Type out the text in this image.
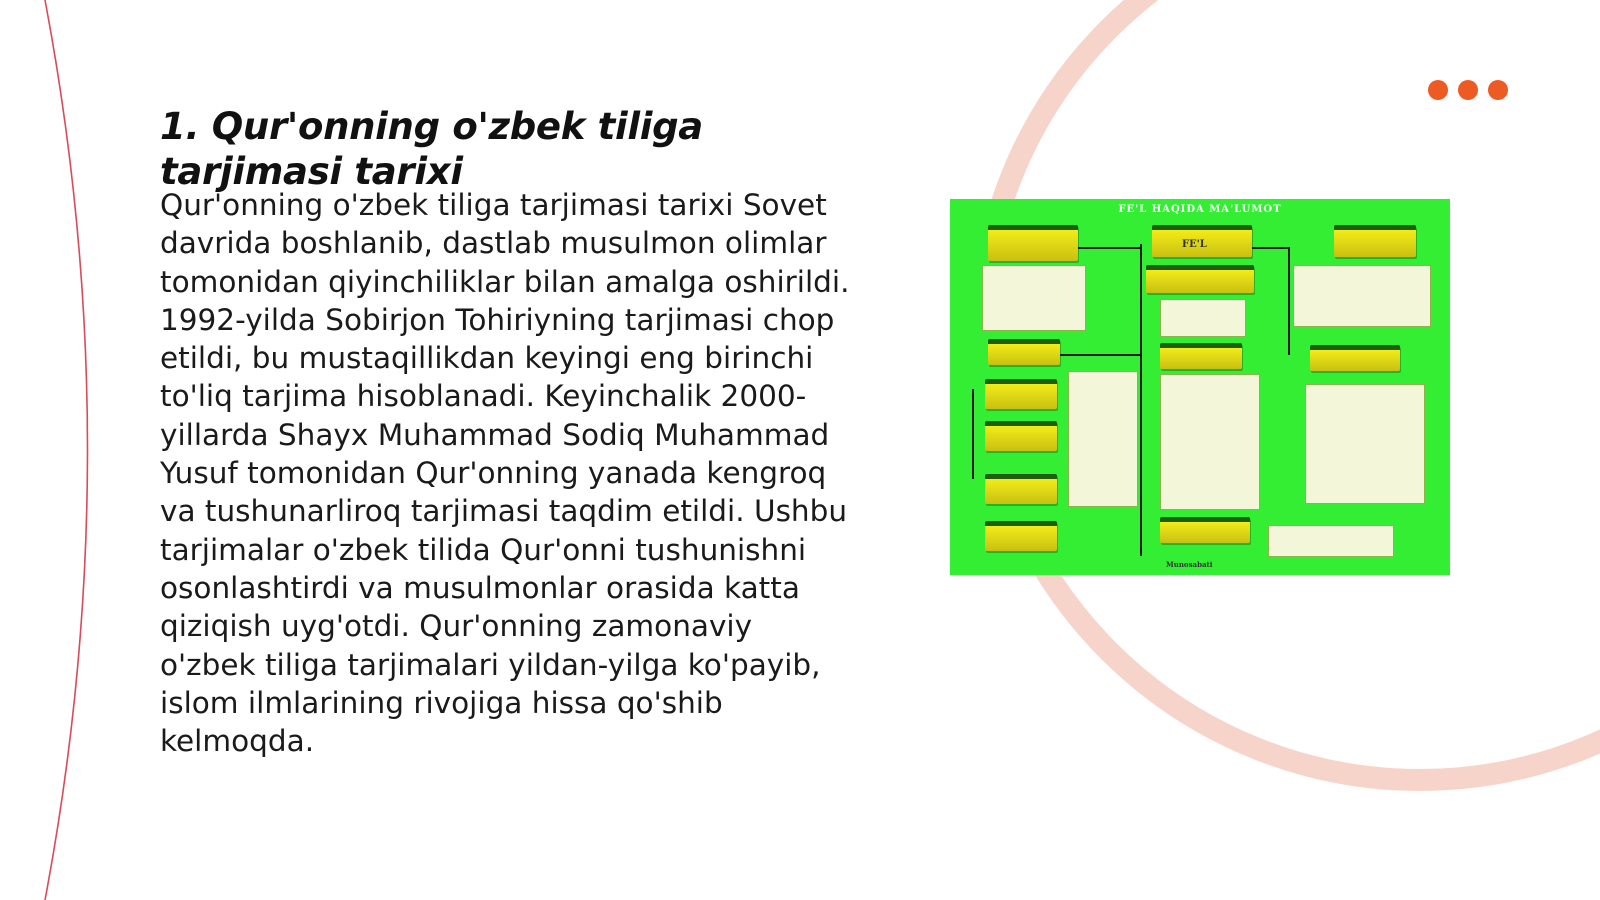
1. Qur'onning o'zbek tiliga tarjimasi tarixi

Qur'onning o'zbek tiliga tarjimasi tarixi Sovet davrida boshlanib, dastlab musulmon olimlar tomonidan qiyinchiliklar bilan amalga oshirildi. 1992-yilda Sobirjon Tohiriyning tarjimasi chop etildi, bu mustaqillikdan keyingi eng birinchi to'liq tarjima hisoblanadi. Keyinchalik 2000-yillarda Shayx Muhammad Sodiq Muhammad Yusuf tomonidan Qur'onning yanada kengroq va tushunarliroq tarjimasi taqdim etildi. Ushbu tarjimalar o'zbek tilida Qur'onni tushunishni osonlashtirdi va musulmonlar orasida katta qiziqish uyg'otdi. Qur'onning zamonaviy o'zbek tiliga tarjimalari yildan-yilga ko'payib, islom ilmlarining rivojiga hissa qo'shib kelmoqda.

FE'L HAQIDA MA'LUMOT
FE'L
Munosabati
